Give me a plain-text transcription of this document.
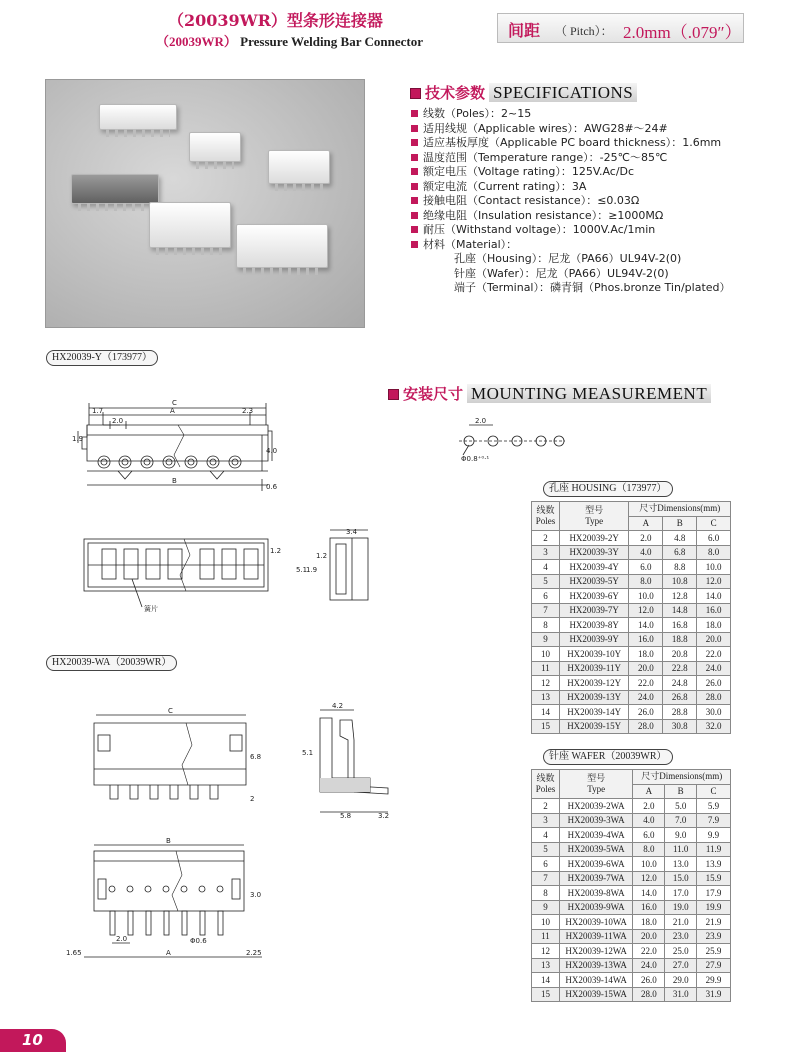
（20039WR）型条形连接器
（20039WR） Pressure Welding Bar Connector
间距 （ Pitch）： 2.0mm（.079″）
技术参数 SPECIFICATIONS
线数（Poles）：2~15
适用线规（Applicable wires）：AWG28#～24#
适应基板厚度（Applicable PC board thickness）：1.6mm
温度范围（Temperature range）：-25℃～85℃
额定电压（Voltage rating）：125V.Ac/Dc
额定电流（Current rating）：3A
接触电阻（Contact resistance）：≤0.03Ω
绝缘电阻（Insulation resistance）：≥1000MΩ
耐压（Withstand voltage）：1000V.Ac/1min
材料（Material）：
孔座（Housing）：尼龙（PA66）UL94V-2(0)
针座（Wafer）：尼龙（PA66）UL94V-2(0)
端子（Terminal）：磷青铜（Phos.bronze Tin/plated）
安装尺寸 MOUNTING MEASUREMENT
HX20039-Y（173977）
HX20039-WA（20039WR）
孔座 HOUSING（173977）
针座 WAFER（20039WR）
C
A
1.7	2.3
2.0
1.9
4.0
B
0.6
簧片
1.2
3.4
1.9
1.2
5.1
2.0
Φ0.8⁺⁰·¹
C
6.8
2
4.2
5.1
5.8	3.2
B
3.0
2.0	Φ0.6
1.65	A	2.25
线数
Poles	型号
Type	尺寸Dimensions(mm)		
		A	B	C
2	HX20039-2Y	2.0	4.8	6.0
3	HX20039-3Y	4.0	6.8	8.0
4	HX20039-4Y	6.0	8.8	10.0
5	HX20039-5Y	8.0	10.8	12.0
6	HX20039-6Y	10.0	12.8	14.0
7	HX20039-7Y	12.0	14.8	16.0
8	HX20039-8Y	14.0	16.8	18.0
9	HX20039-9Y	16.0	18.8	20.0
10	HX20039-10Y	18.0	20.8	22.0
11	HX20039-11Y	20.0	22.8	24.0
12	HX20039-12Y	22.0	24.8	26.0
13	HX20039-13Y	24.0	26.8	28.0
14	HX20039-14Y	26.0	28.8	30.0
15	HX20039-15Y	28.0	30.8	32.0
线数
Poles	型号
Type	尺寸Dimensions(mm)		
		A	B	C
2	HX20039-2WA	2.0	5.0	5.9
3	HX20039-3WA	4.0	7.0	7.9
4	HX20039-4WA	6.0	9.0	9.9
5	HX20039-5WA	8.0	11.0	11.9
6	HX20039-6WA	10.0	13.0	13.9
7	HX20039-7WA	12.0	15.0	15.9
8	HX20039-8WA	14.0	17.0	17.9
9	HX20039-9WA	16.0	19.0	19.9
10	HX20039-10WA	18.0	21.0	21.9
11	HX20039-11WA	20.0	23.0	23.9
12	HX20039-12WA	22.0	25.0	25.9
13	HX20039-13WA	24.0	27.0	27.9
14	HX20039-14WA	26.0	29.0	29.9
15	HX20039-15WA	28.0	31.0	31.9
10
